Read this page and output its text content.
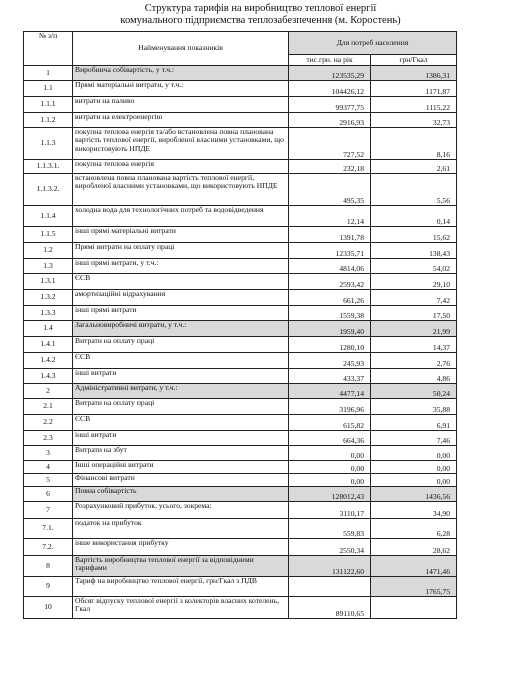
Структура тарифів на виробництво теплової енергії
комунального підприємства теплозабезпечення (м. Коростень)
№ з/п	Найменування показників	Для потреб населення	
		тис.грн. на рік	грн/Гкал
1	Виробнича собівартість, у т.ч.:	123535,29	1386,31
1.1	Прямі матеріальні витрати, у т.ч.:	104426,12	1171,87
1.1.1	витрати на паливо	99377,75	1115,22
1.1.2	витрати на електроенергію	2916,93	32,73
1.1.3	покупна теплова енергія та/або встановлена повна планована вартість теплової енергії, виробленої власними установками, що використовують НПДЕ	727,52	8,16
1.1.3.1.	покупна теплова енергія	232,18	2,61
1.1.3.2.	встановлена повна планована вартість теплової енергії, виробленої власними установками, що використовують НПДЕ	495,35	5,56
1.1.4	холодна вода для технологічних потреб та водовідведення	12,14	0,14
1.1.5	інші прямі матеріальні витрати	1391,78	15,62
1.2	Прямі витрати на оплату праці	12335,71	138,43
1.3	інші прямі витрати, у т.ч.:	4814,06	54,02
1.3.1	ЄСВ	2593,42	29,10
1.3.2	амортизаційні відрахування	661,26	7,42
1.3.3	інші прямі витрати	1559,38	17,50
1.4	Загальновиробничі витрати, у т.ч.:	1959,40	21,99
1.4.1	Витрати на оплату праці	1280,10	14,37
1.4.2	ЄСВ	245,93	2,76
1.4.3	інші витрати	433,37	4,86
2	Адміністративні витрати, у т.ч.:	4477,14	50,24
2.1	Витрати на оплату праці	3196,96	35,88
2.2	ЄСВ	615,82	6,91
2.3	інші витрати	664,36	7,46
3	Витрати на збут	0,00	0,00
4	Інші операційні витрати	0,00	0,00
5	Фінансові витрати	0,00	0,00
6	Повна собівартість	128012,43	1436,56
7	Розрахунковий прибуток, усього, зокрема:	3110,17	34,90
7.1.	податок на прибуток	559,83	6,28
7.2.	інше використання прибутку	2550,34	28,62
8	Вартість виробництва теплової енергії за відповідними тарифами	131122,60	1471,46
9	Тариф на виробництво теплової енергії, грн/Гкал з ПДВ		1765,75
10	Обсяг відпуску теплової енергії з колекторів власних котелень, Гкал	89110,65	
